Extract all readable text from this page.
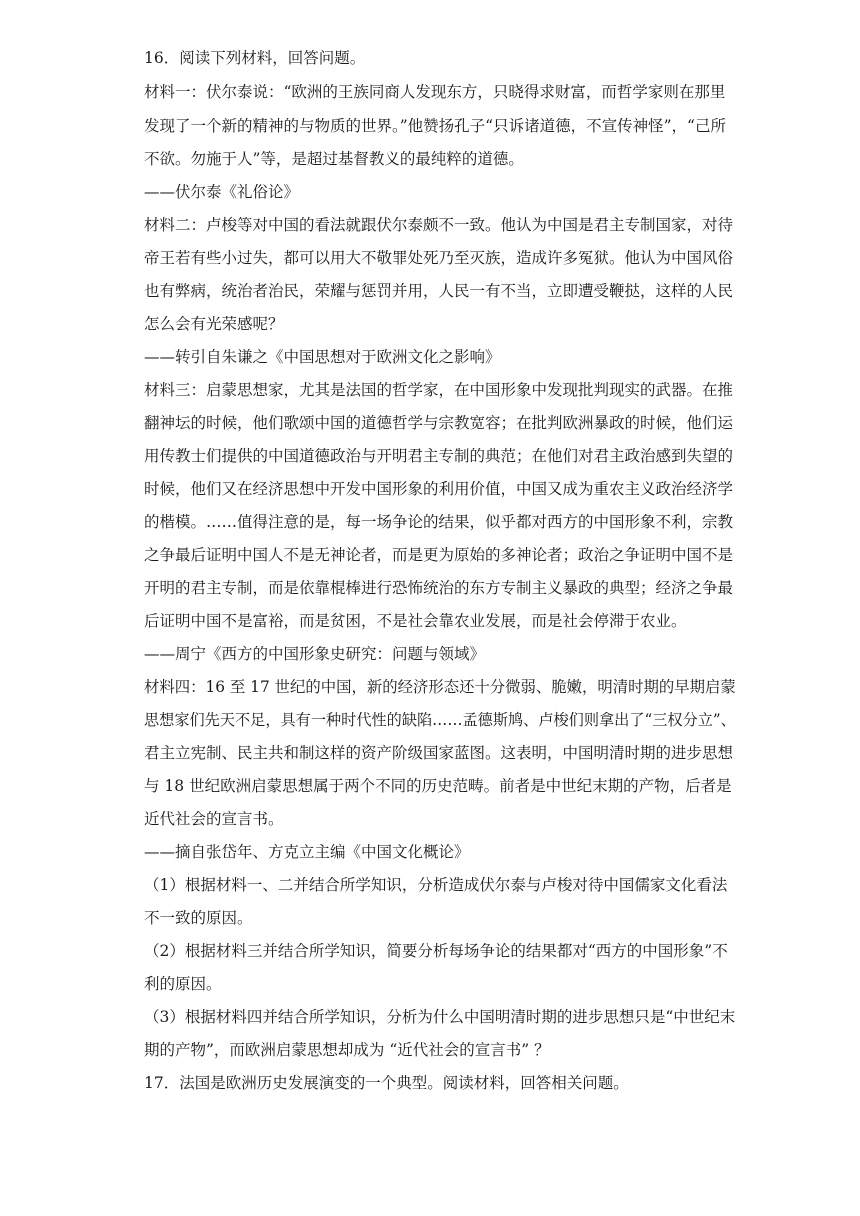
16．阅读下列材料，回答问题。
材料一：伏尔泰说：“欧洲的王族同商人发现东方，只晓得求财富，而哲学家则在那里
发现了一个新的精神的与物质的世界。”他赞扬孔子“只诉诸道德，不宣传神怪”，“己所
不欲。勿施于人”等，是超过基督教义的最纯粹的道德。
——伏尔泰《礼俗论》
材料二：卢梭等对中国的看法就跟伏尔泰颇不一致。他认为中国是君主专制国家，对待
帝王若有些小过失，都可以用大不敬罪处死乃至灭族，造成许多冤狱。他认为中国风俗
也有弊病，统治者治民，荣耀与惩罚并用，人民一有不当，立即遭受鞭挞，这样的人民
怎么会有光荣感呢？
——转引自朱谦之《中国思想对于欧洲文化之影响》
材料三：启蒙思想家，尤其是法国的哲学家，在中国形象中发现批判现实的武器。在推
翻神坛的时候，他们歌颂中国的道德哲学与宗教宽容；在批判欧洲暴政的时候，他们运
用传教士们提供的中国道德政治与开明君主专制的典范；在他们对君主政治感到失望的
时候，他们又在经济思想中开发中国形象的利用价值，中国又成为重农主义政治经济学
的楷模。……值得注意的是，每一场争论的结果，似乎都对西方的中国形象不利，宗教
之争最后证明中国人不是无神论者，而是更为原始的多神论者；政治之争证明中国不是
开明的君主专制，而是依靠棍棒进行恐怖统治的东方专制主义暴政的典型；经济之争最
后证明中国不是富裕，而是贫困，不是社会靠农业发展，而是社会停滞于农业。
——周宁《西方的中国形象史研究：问题与领域》
材料四：16 至 17 世纪的中国，新的经济形态还十分微弱、脆嫩，明清时期的早期启蒙
思想家们先天不足，具有一种时代性的缺陷……孟德斯鸠、卢梭们则拿出了“三权分立”、
君主立宪制、民主共和制这样的资产阶级国家蓝图。这表明，中国明清时期的进步思想
与 18 世纪欧洲启蒙思想属于两个不同的历史范畴。前者是中世纪末期的产物，后者是
近代社会的宣言书。
——摘自张岱年、方克立主编《中国文化概论》
（1）根据材料一、二并结合所学知识，分析造成伏尔泰与卢梭对待中国儒家文化看法
不一致的原因。
（2）根据材料三并结合所学知识，简要分析每场争论的结果都对“西方的中国形象”不
利的原因。
（3）根据材料四并结合所学知识，分析为什么中国明清时期的进步思想只是“中世纪末
期的产物”，而欧洲启蒙思想却成为 “近代社会的宣言书” ？
17．法国是欧洲历史发展演变的一个典型。阅读材料，回答相关问题。
